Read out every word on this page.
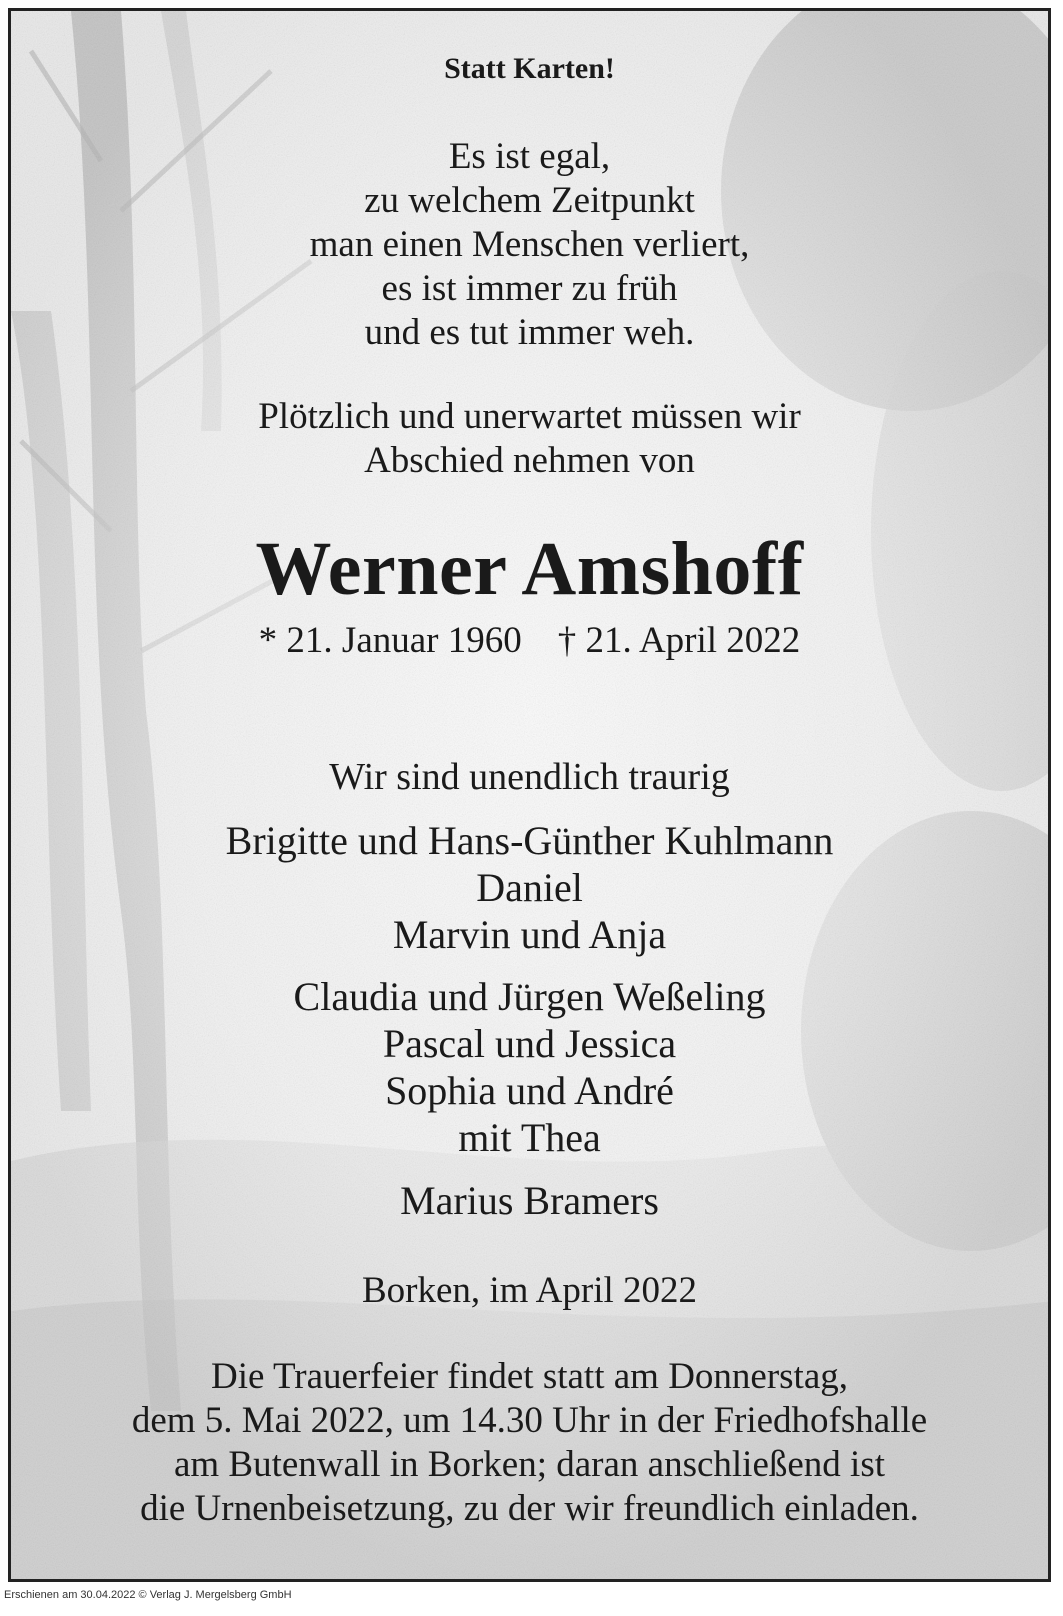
Statt Karten!
Es ist egal,
zu welchem Zeitpunkt
man einen Menschen verliert,
es ist immer zu früh
und es tut immer weh.
Plötzlich und unerwartet müssen wir
Abschied nehmen von
Werner Amshoff
* 21. Januar 1960 † 21. April 2022
Wir sind unendlich traurig
Brigitte und Hans-Günther Kuhlmann
Daniel
Marvin und Anja
Claudia und Jürgen Weßeling
Pascal und Jessica
Sophia und André
mit Thea
Marius Bramers
Borken, im April 2022
Die Trauerfeier findet statt am Donnerstag,
dem 5. Mai 2022, um 14.30 Uhr in der Friedhofshalle
am Butenwall in Borken; daran anschließend ist
die Urnenbeisetzung, zu der wir freundlich einladen.
Erschienen am 30.04.2022 © Verlag J. Mergelsberg GmbH
